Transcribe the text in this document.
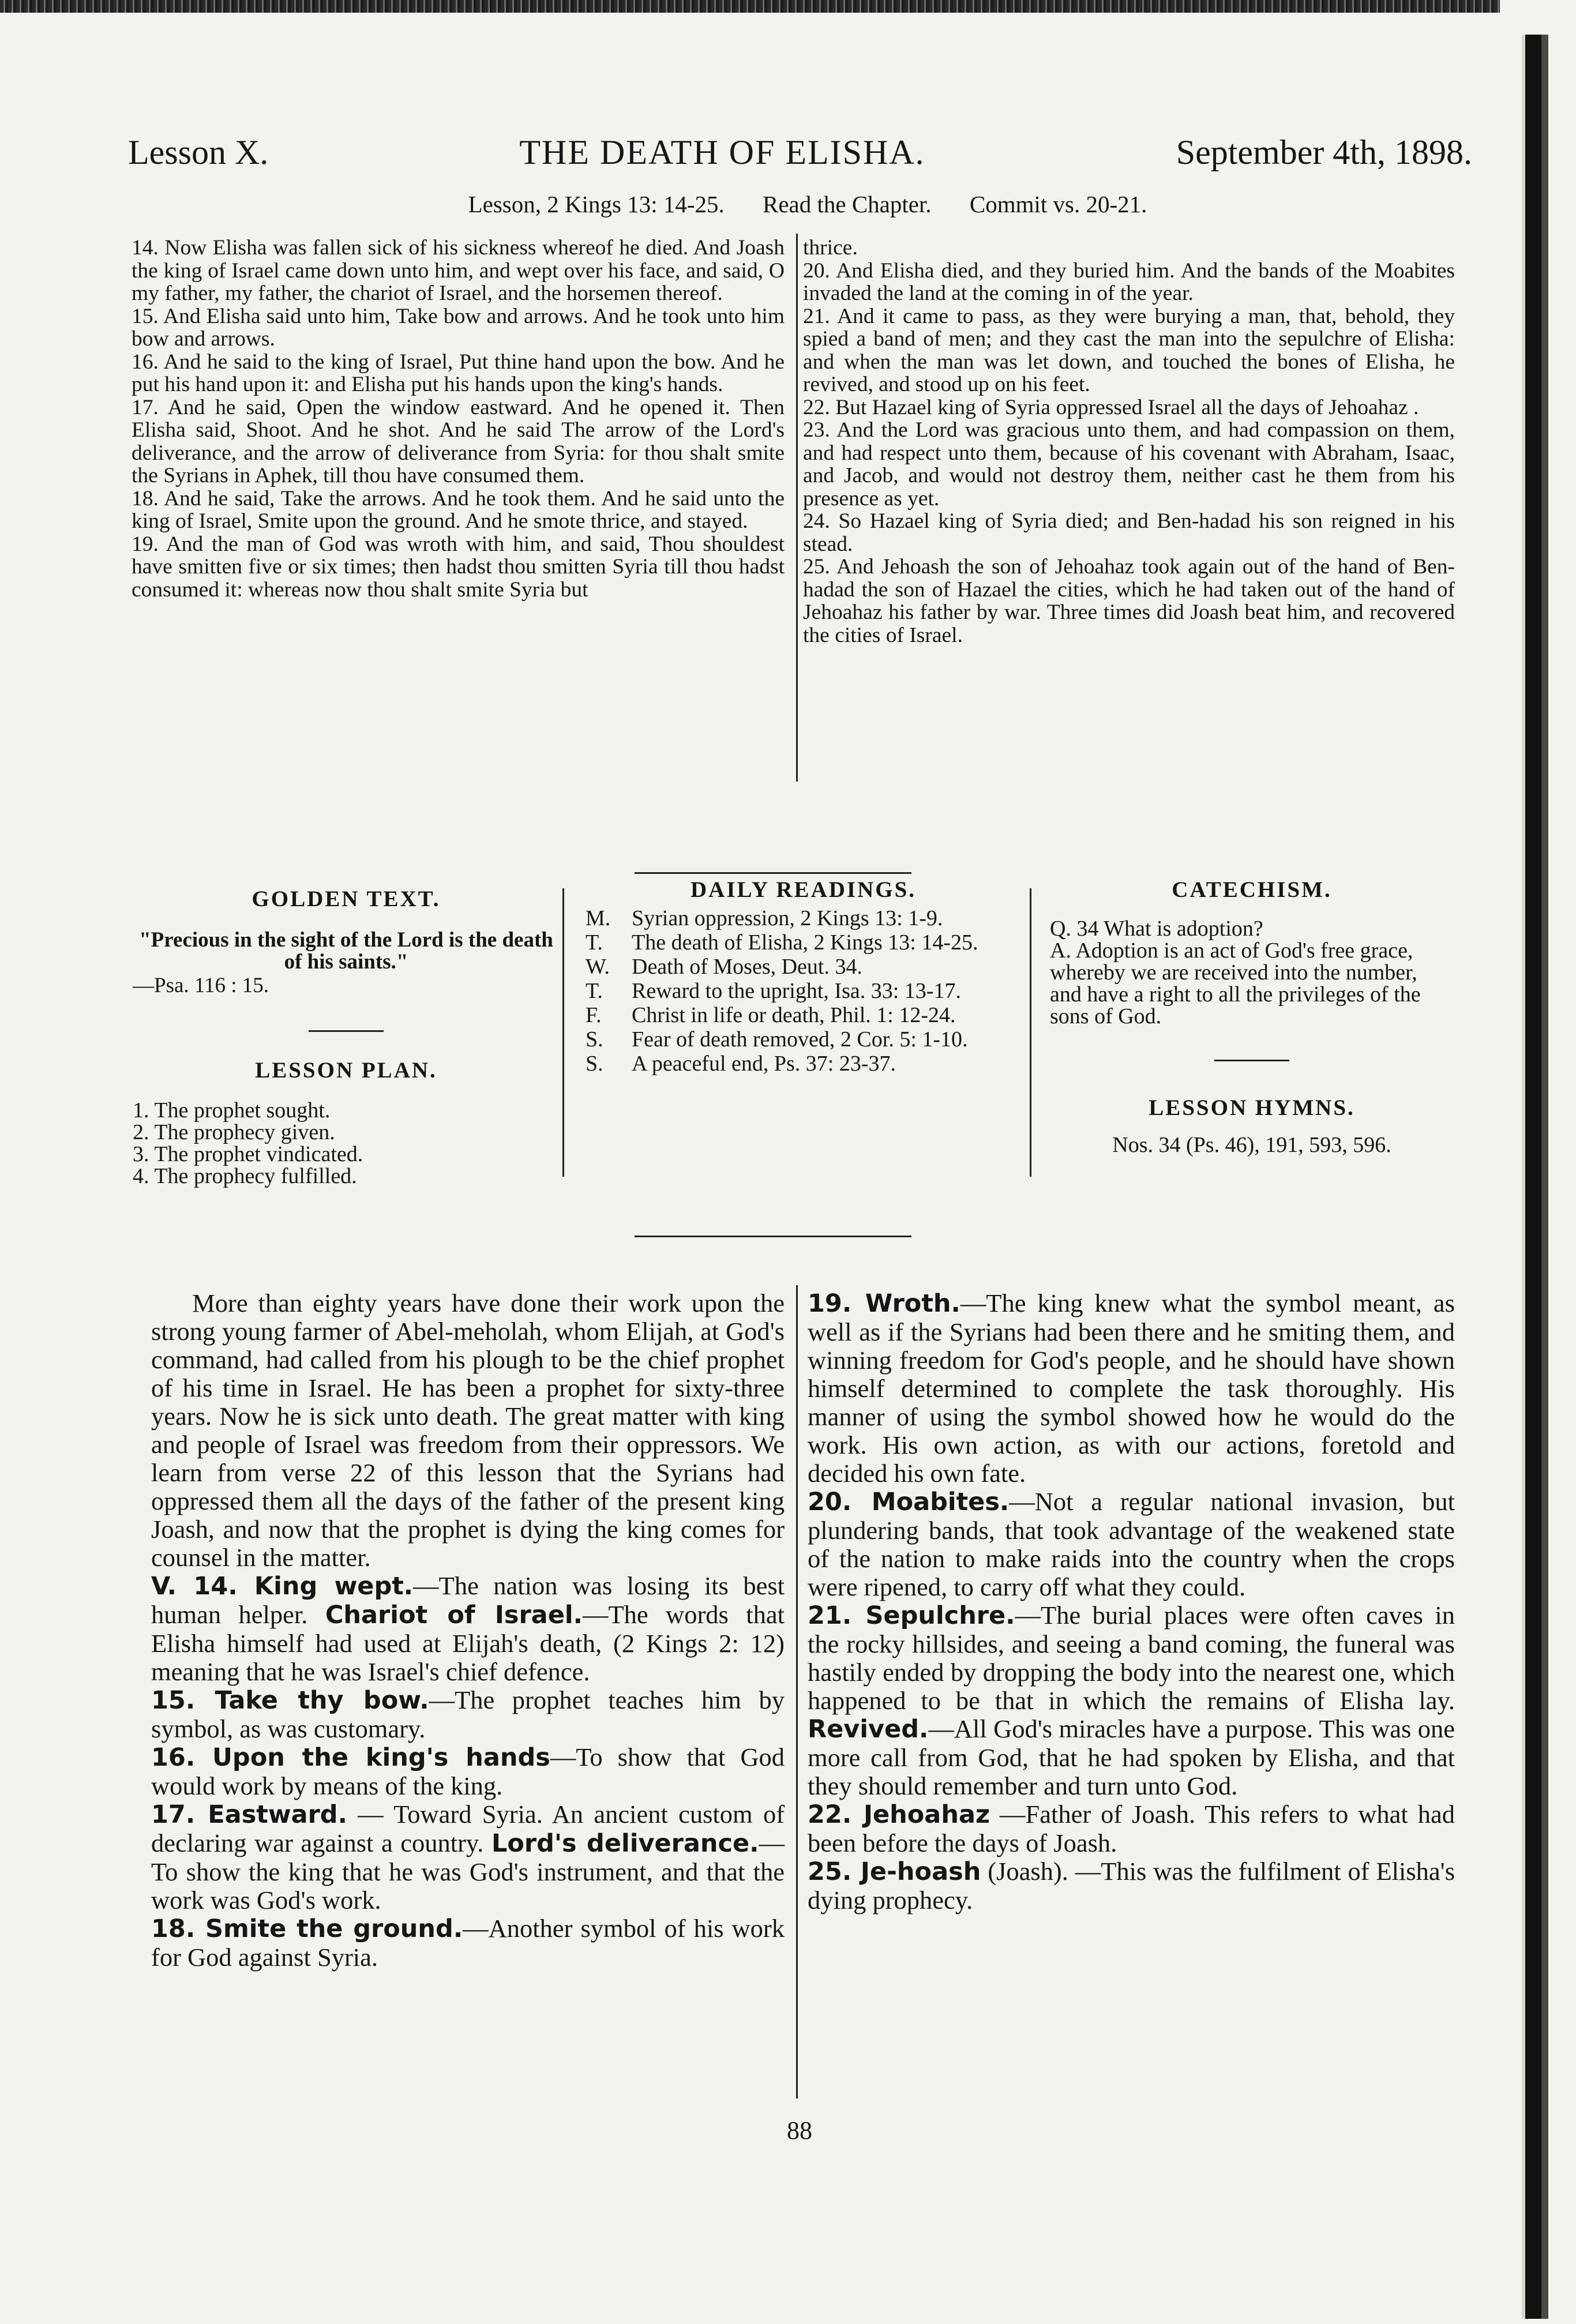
Lesson X.	THE DEATH OF ELISHA.	September 4th, 1898.
Lesson, 2 Kings 13: 14-25. Read the Chapter. Commit vs. 20-21.

14. Now Elisha was fallen sick of his sickness whereof he died. And Joash the king of Israel came down unto him, and wept over his face, and said, O my father, my father, the chariot of Israel, and the horsemen thereof.

15. And Elisha said unto him, Take bow and arrows. And he took unto him bow and arrows.

16. And he said to the king of Israel, Put thine hand upon the bow. And he put his hand upon it: and Elisha put his hands upon the king's hands.

17. And he said, Open the window eastward. And he opened it. Then Elisha said, Shoot. And he shot. And he said The arrow of the Lord's deliverance, and the arrow of deliverance from Syria: for thou shalt smite the Syrians in Aphek, till thou have consumed them.

18. And he said, Take the arrows. And he took them. And he said unto the king of Israel, Smite upon the ground. And he smote thrice, and stayed.

19. And the man of God was wroth with him, and said, Thou shouldest have smitten five or six times; then hadst thou smitten Syria till thou hadst consumed it: whereas now thou shalt smite Syria but

thrice.

20. And Elisha died, and they buried him. And the bands of the Moabites invaded the land at the coming in of the year.

21. And it came to pass, as they were burying a man, that, behold, they spied a band of men; and they cast the man into the sepulchre of Elisha: and when the man was let down, and touched the bones of Elisha, he revived, and stood up on his feet.

22. But Hazael king of Syria oppressed Israel all the days of Jehoahaz .

23. And the Lord was gracious unto them, and had compassion on them, and had respect unto them, because of his covenant with Abraham, Isaac, and Jacob, and would not destroy them, neither cast he them from his presence as yet.

24. So Hazael king of Syria died; and Ben-hadad his son reigned in his stead.

25. And Jehoash the son of Jehoahaz took again out of the hand of Ben-hadad the son of Hazael the cities, which he had taken out of the hand of Jehoahaz his father by war. Three times did Joash beat him, and recovered the cities of Israel.

GOLDEN TEXT.
"Precious in the sight of the Lord is the death of his saints."
—Psa. 116 : 15.
LESSON PLAN.
1. The prophet sought.
2. The prophecy given.
3. The prophet vindicated.
4. The prophecy fulfilled.
DAILY READINGS.
M. Syrian oppression, 2 Kings 13: 1-9.
T.	The death of Elisha, 2 Kings 13: 14-25.
W.	Death of Moses, Deut. 34.
T.	Reward to the upright, Isa. 33: 13-17.
F.	Christ in life or death, Phil. 1: 12-24.
S.	Fear of death removed, 2 Cor. 5: 1-10.
S.	A peaceful end, Ps. 37: 23-37.
CATECHISM.
Q. 34 What is adoption?
A. Adoption is an act of God's free grace, whereby we are received into the number, and have a right to all the privileges of the sons of God.
LESSON HYMNS.
Nos. 34 (Ps. 46), 191, 593, 596.

More than eighty years have done their work upon the strong young farmer of Abel-meholah, whom Elijah, at God's command, had called from his plough to be the chief prophet of his time in Israel. He has been a prophet for sixty-three years. Now he is sick unto death. The great matter with king and people of Israel was freedom from their oppressors. We learn from verse 22 of this lesson that the Syrians had oppressed them all the days of the father of the present king Joash, and now that the prophet is dying the king comes for counsel in the matter.

V. 14. King wept.—The nation was losing its best human helper. Chariot of Israel.—The words that Elisha himself had used at Elijah's death, (2 Kings 2: 12) meaning that he was Israel's chief defence.

15. Take thy bow.—The prophet teaches him by symbol, as was customary.

16. Upon the king's hands—To show that God would work by means of the king.

17. Eastward. — Toward Syria. An ancient custom of declaring war against a country. Lord's deliverance.—To show the king that he was God's instrument, and that the work was God's work.

18. Smite the ground.—Another symbol of his work for God against Syria.

19. Wroth.—The king knew what the symbol meant, as well as if the Syrians had been there and he smiting them, and winning freedom for God's people, and he should have shown himself determined to complete the task thoroughly. His manner of using the symbol showed how he would do the work. His own action, as with our actions, foretold and decided his own fate.

20. Moabites.—Not a regular national invasion, but plundering bands, that took advantage of the weakened state of the nation to make raids into the country when the crops were ripened, to carry off what they could.

21. Sepulchre.—The burial places were often caves in the rocky hillsides, and seeing a band coming, the funeral was hastily ended by dropping the body into the nearest one, which happened to be that in which the remains of Elisha lay. Revived.—All God's miracles have a purpose. This was one more call from God, that he had spoken by Elisha, and that they should remember and turn unto God.

22. Jehoahaz —Father of Joash. This refers to what had been before the days of Joash.

25. Je-hoash (Joash). —This was the fulfilment of Elisha's dying prophecy.

88
